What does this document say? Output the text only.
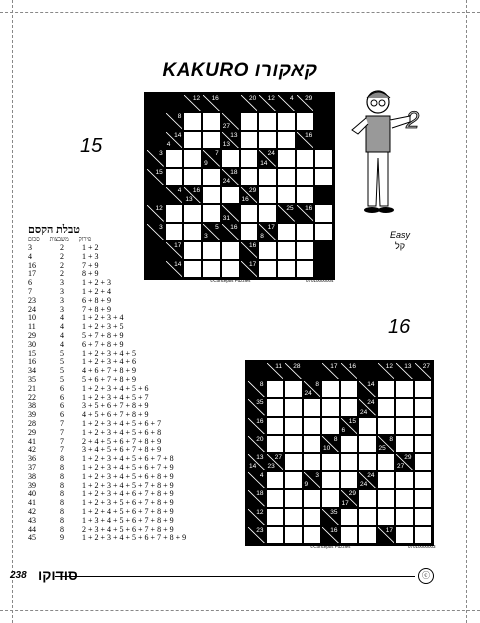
KAKURO קאקורו
15
12 16	20 12 4 29
8
27
14
4
13
13
16
3	7
9
24
14
15	18
24
4 16
13
29
16
12
31
25 16
3	5
3
16	17
8
17	16
14	17
©Conceptis Puzzles	07010000004
2
Easy
קל
16
11 28	17 16	12 13 27
8	8
24
14
35	24
24
16	15
6
20	8
10
8
25
13
14
27
23
29
27
4	3
9
24
24
18	29
17
12	35
23	16	17
©Conceptis Puzzles	07010000003
טבלת הקסם
סכום משבצות פירוק
3	2	1 + 2
4	2	1 + 3
16	2	7 + 9
17	2	8 + 9
6	3	1 + 2 + 3
7	3	1 + 2 + 4
23	3	6 + 8 + 9
24	3	7 + 8 + 9
10	4	1 + 2 + 3 + 4
11	4	1 + 2 + 3 + 5
29	4	5 + 7 + 8 + 9
30	4	6 + 7 + 8 + 9
15	5	1 + 2 + 3 + 4 + 5
16	5	1 + 2 + 3 + 4 + 6
34	5	4 + 6 + 7 + 8 + 9
35	5	5 + 6 + 7 + 8 + 9
21	6	1 + 2 + 3 + 4 + 5 + 6
22	6	1 + 2 + 3 + 4 + 5 + 7
38	6	3 + 5 + 6 + 7 + 8 + 9
39	6	4 + 5 + 6 + 7 + 8 + 9
28	7	1 + 2 + 3 + 4 + 5 + 6 + 7
29	7	1 + 2 + 3 + 4 + 5 + 6 + 8
41	7	2 + 4 + 5 + 6 + 7 + 8 + 9
42	7	3 + 4 + 5 + 6 + 7 + 8 + 9
36	8	1 + 2 + 3 + 4 + 5 + 6 + 7 + 8
37	8	1 + 2 + 3 + 4 + 5 + 6 + 7 + 9
38	8	1 + 2 + 3 + 4 + 5 + 6 + 8 + 9
39	8	1 + 2 + 3 + 4 + 5 + 7 + 8 + 9
40	8	1 + 2 + 3 + 4 + 6 + 7 + 8 + 9
41	8	1 + 2 + 3 + 5 + 6 + 7 + 8 + 9
42	8	1 + 2 + 4 + 5 + 6 + 7 + 8 + 9
43	8	1 + 3 + 4 + 5 + 6 + 7 + 8 + 9
44	8	2 + 3 + 4 + 5 + 6 + 7 + 8 + 9
45	9	1 + 2 + 3 + 4 + 5 + 6 + 7 + 8 + 9
238 סודוקו	ⓒ
